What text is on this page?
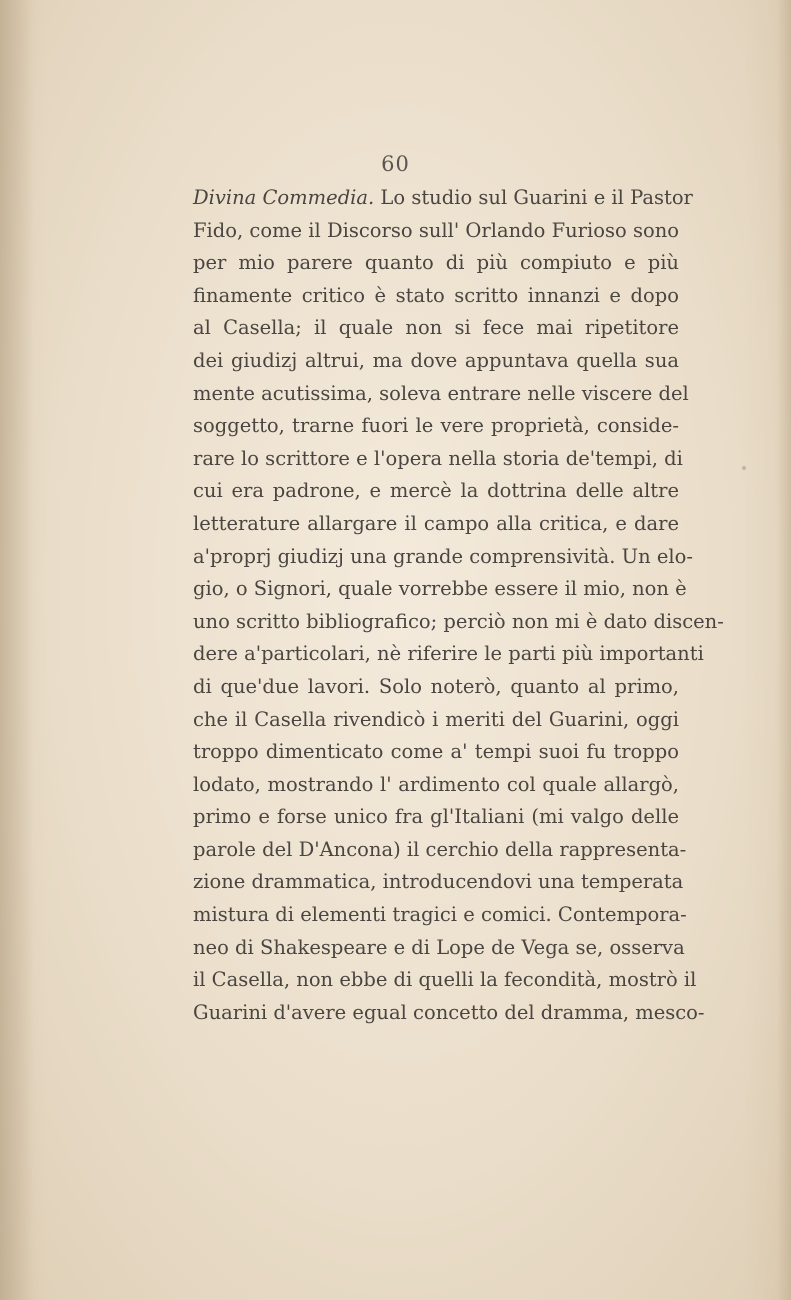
60
Divina Commedia. Lo studio sul Guarini e il Pastor
Fido, come il Discorso sull' Orlando Furioso sono
per mio parere quanto di più compiuto e più
finamente critico è stato scritto innanzi e dopo
al Casella; il quale non si fece mai ripetitore
dei giudizj altrui, ma dove appuntava quella sua
mente acutissima, soleva entrare nelle viscere del
soggetto, trarne fuori le vere proprietà, conside-
rare lo scrittore e l'opera nella storia de'tempi, di
cui era padrone, e mercè la dottrina delle altre
letterature allargare il campo alla critica, e dare
a'proprj giudizj una grande comprensività. Un elo-
gio, o Signori, quale vorrebbe essere il mio, non è
uno scritto bibliografico; perciò non mi è dato discen-
dere a'particolari, nè riferire le parti più importanti
di que'due lavori. Solo noterò, quanto al primo,
che il Casella rivendicò i meriti del Guarini, oggi
troppo dimenticato come a' tempi suoi fu troppo
lodato, mostrando l' ardimento col quale allargò,
primo e forse unico fra gl'Italiani (mi valgo delle
parole del D'Ancona) il cerchio della rappresenta-
zione drammatica, introducendovi una temperata
mistura di elementi tragici e comici. Contempora-
neo di Shakespeare e di Lope de Vega se, osserva
il Casella, non ebbe di quelli la fecondità, mostrò il
Guarini d'avere egual concetto del dramma, mesco-
